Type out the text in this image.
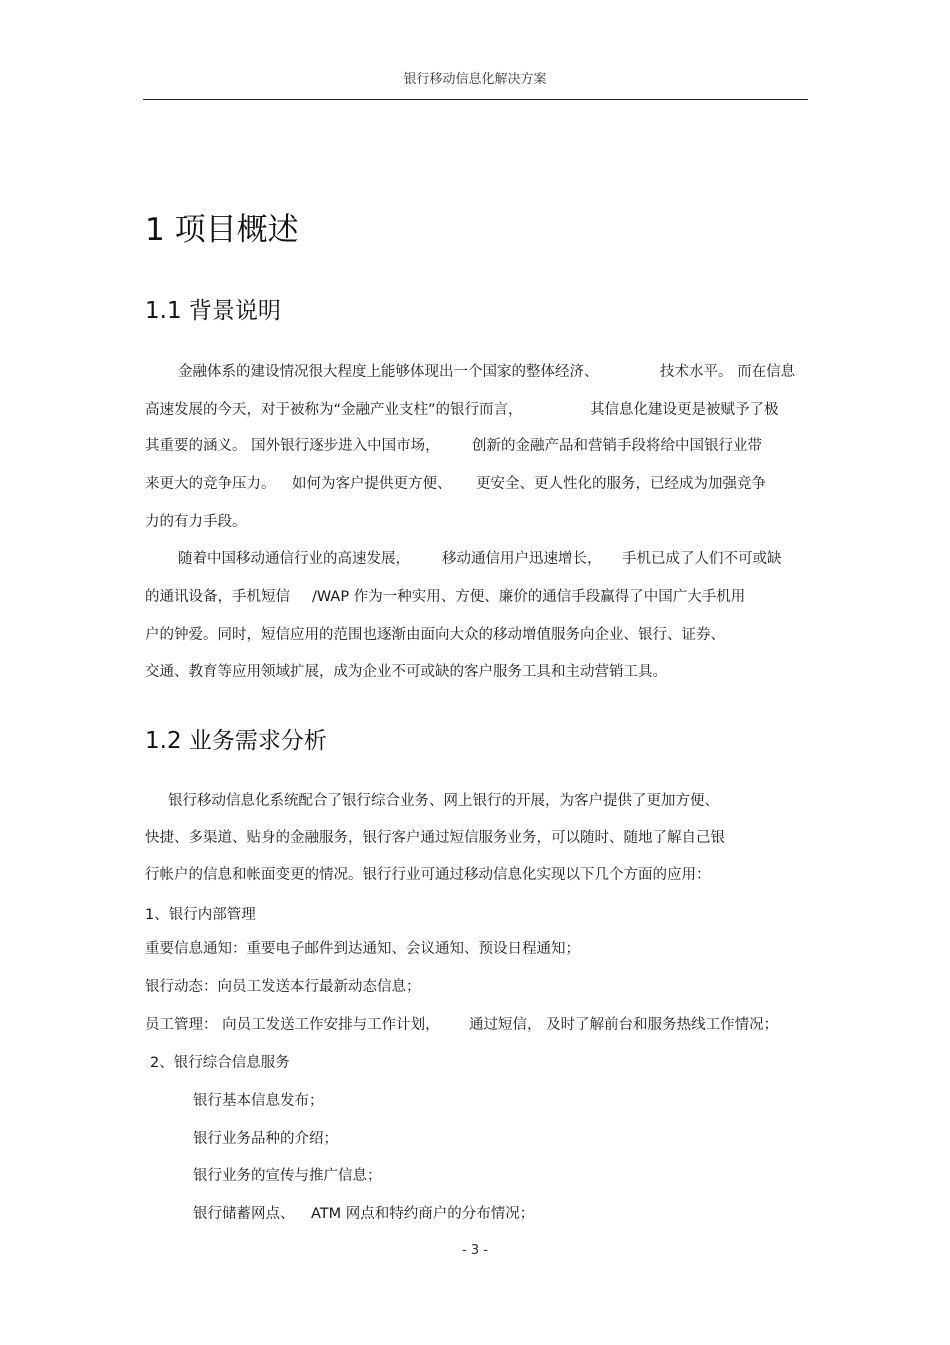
银行移动信息化解决方案
1 项目概述
1.1 背景说明
金融体系的建设情况很大程度上能够体现出一个国家的整体经济、	技术水平。 而在信息
高速发展的今天，对于被称为“金融产业支柱”的银行而言，	其信息化建设更是被赋予了极
其重要的涵义。 国外银行逐步进入中国市场， 创新的金融产品和营销手段将给中国银行业带
来更大的竞争压力。 如何为客户提供更方便、 更安全、更人性化的服务，已经成为加强竞争
力的有力手段。
随着中国移动通信行业的高速发展， 移动通信用户迅速增长， 手机已成了人们不可或缺
的通讯设备，手机短信 /WAP 作为一种实用、方便、廉价的通信手段赢得了中国广大手机用
户的钟爱。同时，短信应用的范围也逐渐由面向大众的移动增值服务向企业、银行、证券、
交通、教育等应用领域扩展，成为企业不可或缺的客户服务工具和主动营销工具。
1.2 业务需求分析
银行移动信息化系统配合了银行综合业务、网上银行的开展，为客户提供了更加方便、
快捷、多渠道、贴身的金融服务，银行客户通过短信服务业务，可以随时、随地了解自己银
行帐户的信息和帐面变更的情况。银行行业可通过移动信息化实现以下几个方面的应用：
1、银行内部管理
重要信息通知：重要电子邮件到达通知、会议通知、预设日程通知；
银行动态：向员工发送本行最新动态信息；
员工管理： 向员工发送工作安排与工作计划， 通过短信， 及时了解前台和服务热线工作情况；
2、银行综合信息服务
银行基本信息发布；
银行业务品种的介绍；
银行业务的宣传与推广信息；
银行储蓄网点、 ATM 网点和特约商户的分布情况；
- 3 -
